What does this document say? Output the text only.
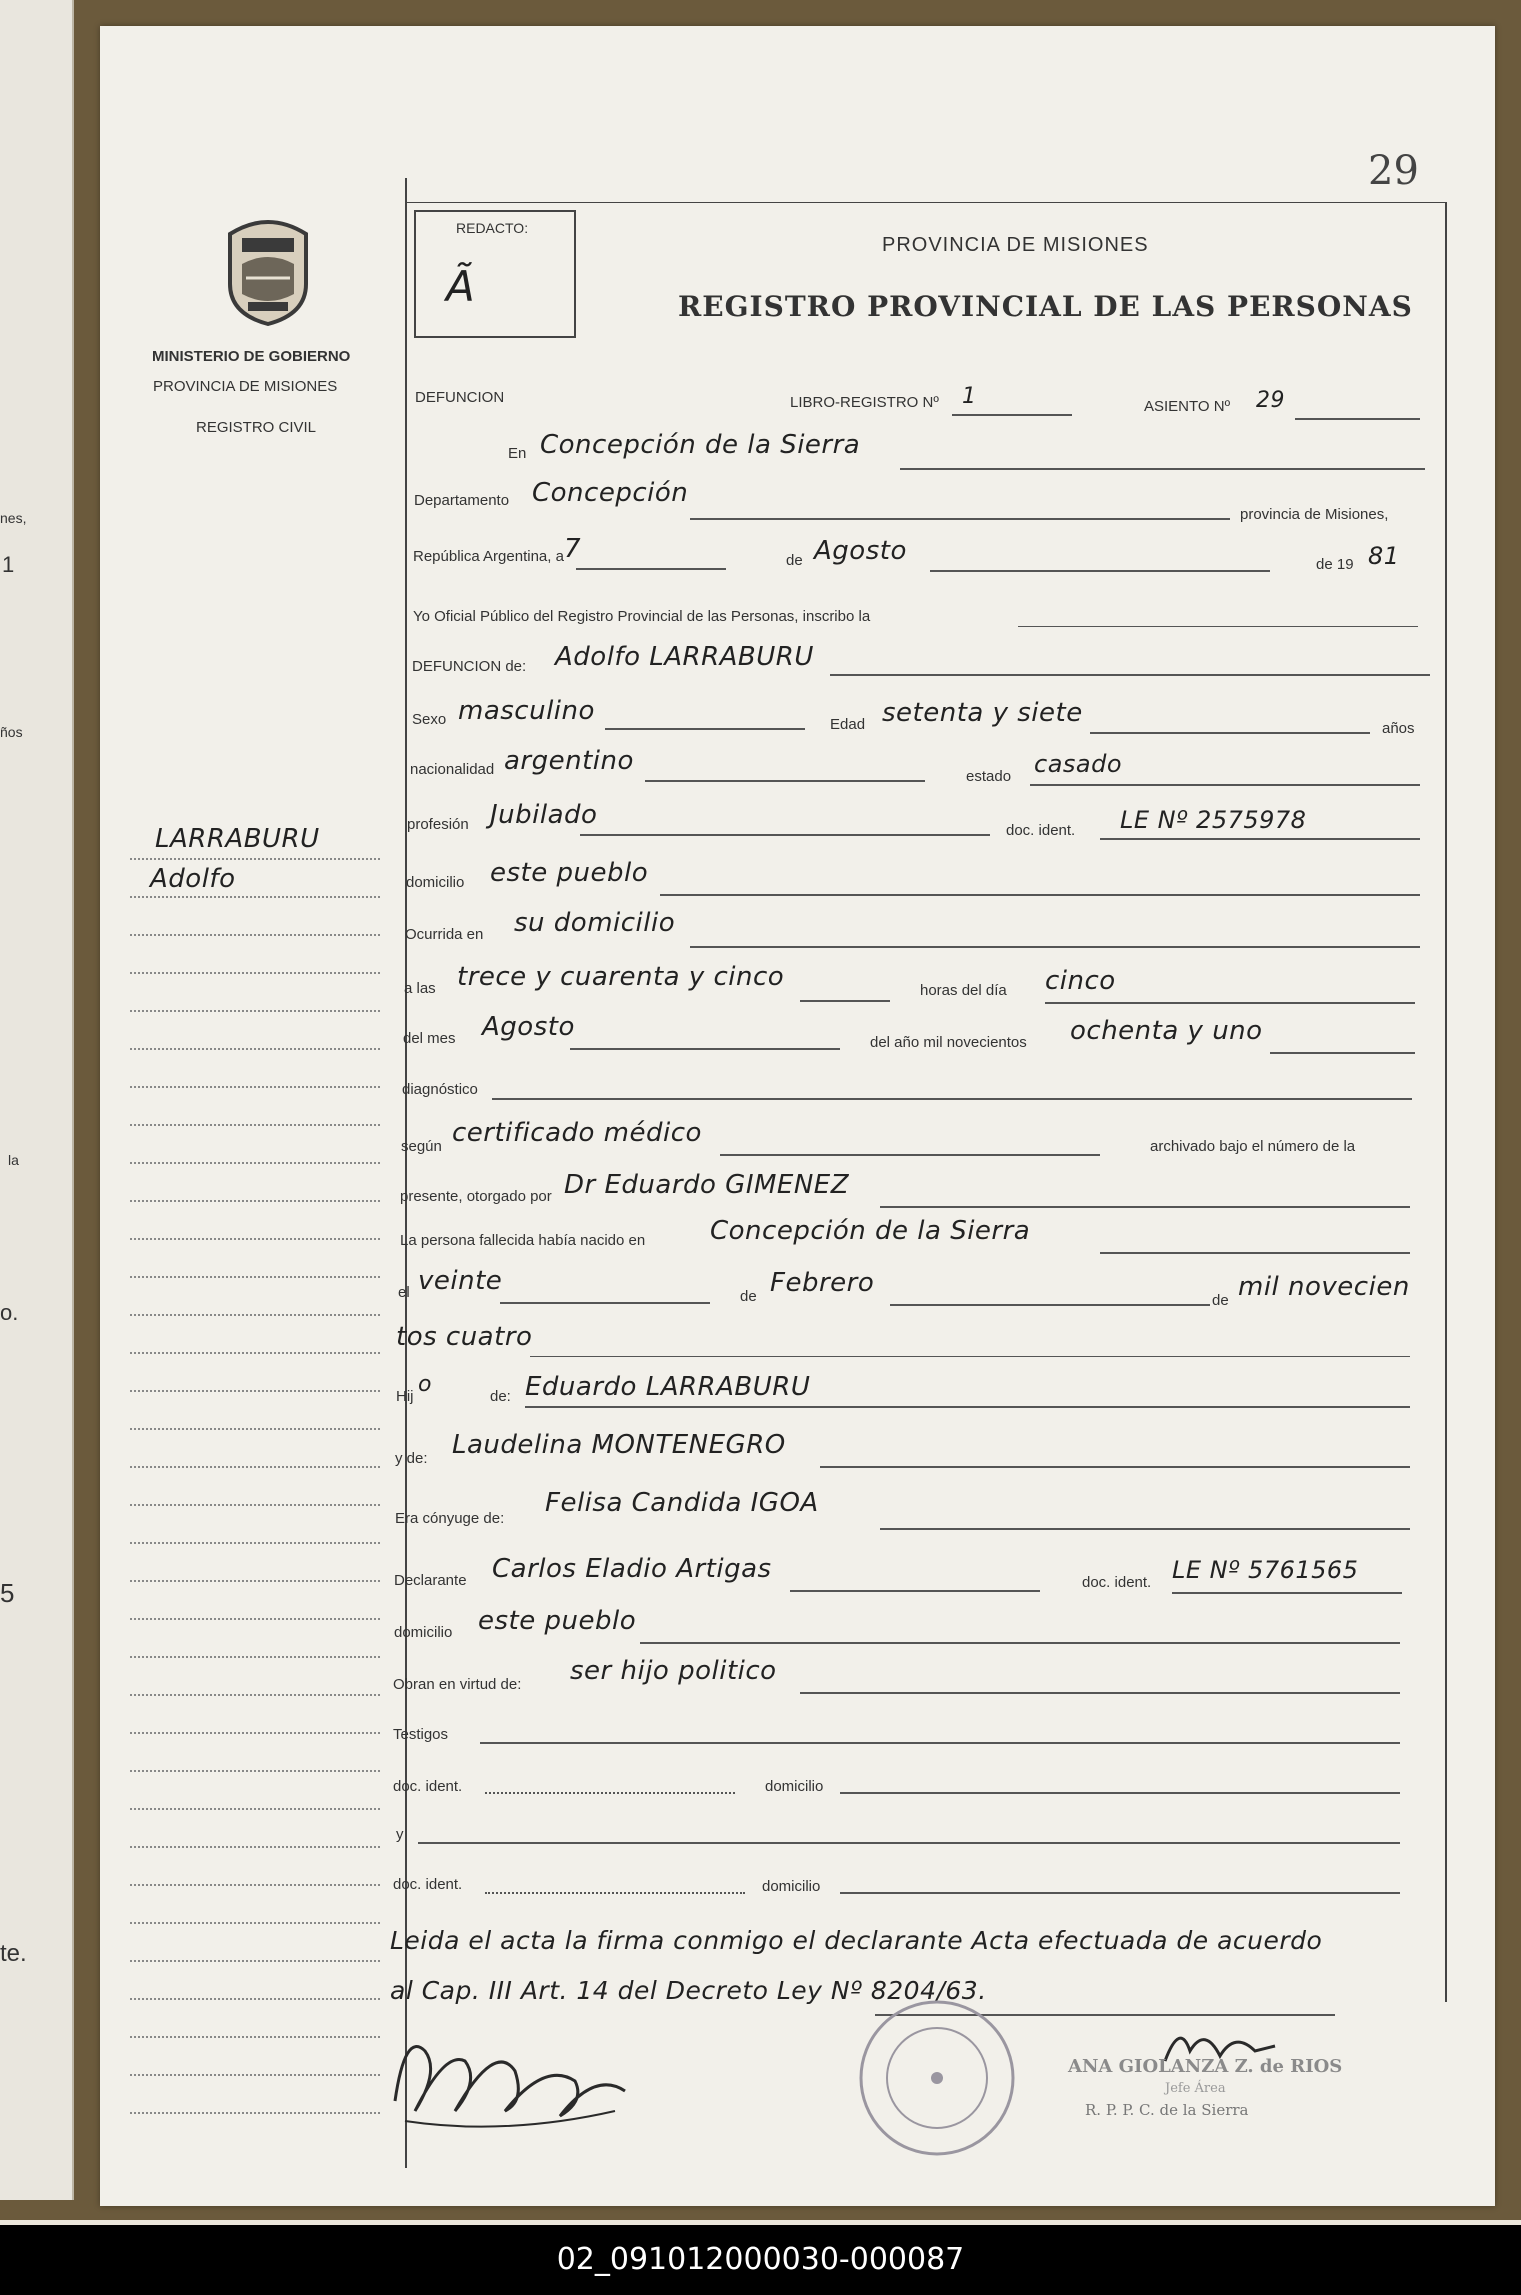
nes,
1
ños
la
o.
5
te.
29
MINISTERIO DE GOBIERNO
PROVINCIA DE MISIONES
REGISTRO CIVIL
REDACTO:
Ã
PROVINCIA DE MISIONES
REGISTRO PROVINCIAL DE LAS PERSONAS
DEFUNCION	LIBRO-REGISTRO Nº 1	ASIENTO Nº 29
LARRABURU
Adolfo
En Concepción de la Sierra
Departamento Concepción
provincia de Misiones,
República Argentina, a 7	de Agosto	de 19 81
Yo Oficial Público del Registro Provincial de las Personas, inscribo la
DEFUNCION de: Adolfo LARRABURU
Sexo masculino	Edad setenta y siete
años
nacionalidad argentino
estado casado
profesión Jubilado
doc. ident. LE Nº 2575978
domicilio este pueblo
Ocurrida en su domicilio
a las trece y cuarenta y cinco	horas del día cinco
del mes Agosto
del año mil novecientos ochenta y uno
diagnóstico
según certificado médico	archivado bajo el número de la
presente, otorgado por Dr Eduardo GIMENEZ
La persona fallecida había nacido en Concepción de la Sierra
el veinte
de Febrero
de mil novecien
tos cuatro
Hij o	de: Eduardo LARRABURU
y de: Laudelina MONTENEGRO
Era cónyuge de:
Felisa Candida IGOA
Declarante Carlos Eladio Artigas	doc. ident. LE Nº 5761565
domicilio este pueblo
Obran en virtud de: ser hijo politico
Testigos
doc. ident.	domicilio
y
doc. ident.	domicilio
Leida el acta la firma conmigo el declarante Acta efectuada de acuerdo
al Cap. III Art. 14 del Decreto Ley Nº 8204/63.
ANA GIOLANZA Z. de RIOS
Jefe Área
R. P. P. C. de la Sierra
02_091012000030-000087
